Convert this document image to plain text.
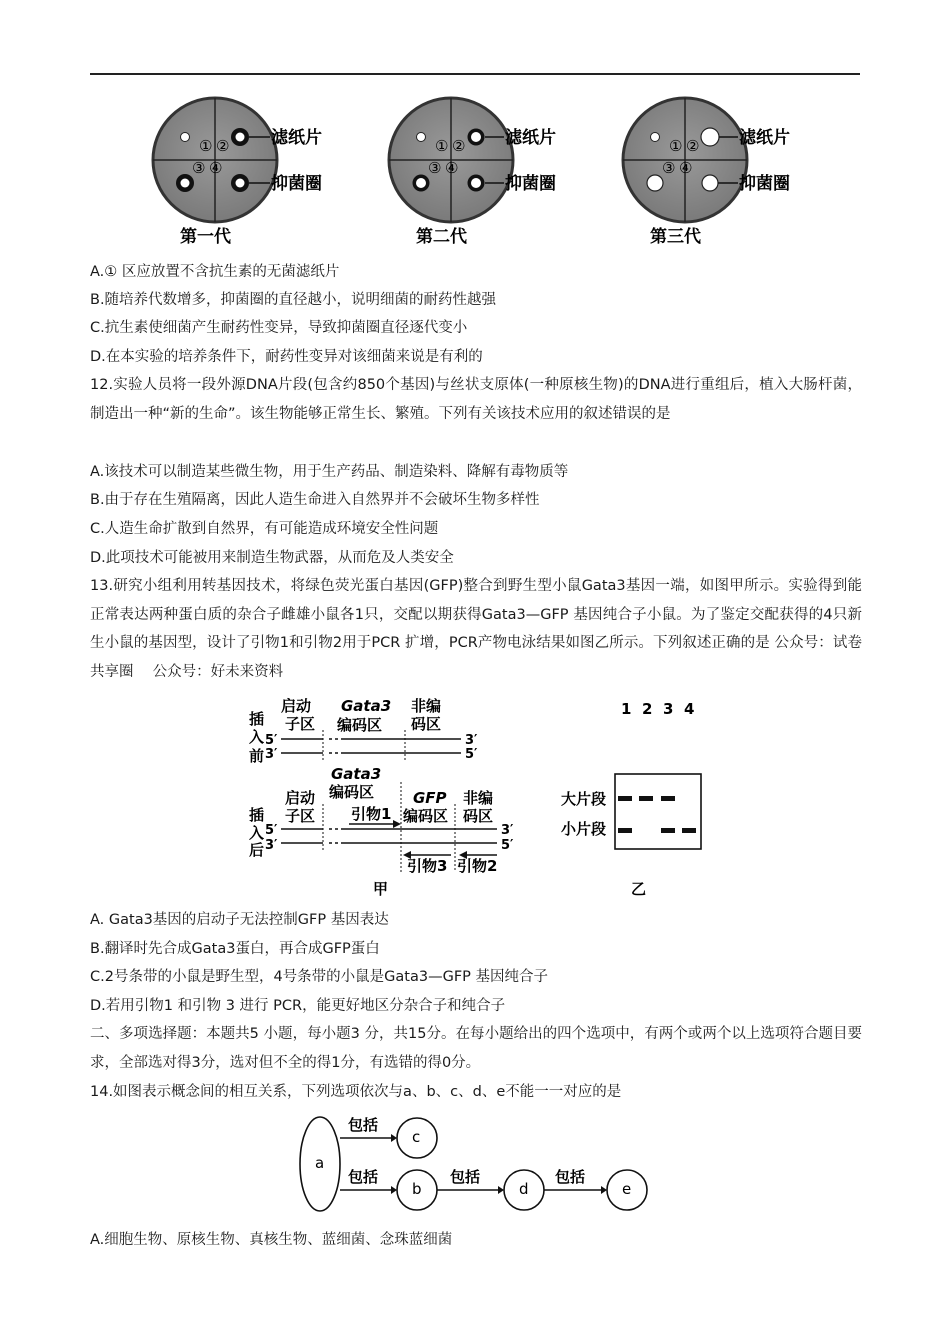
① ②
③ ④
滤纸片
抑菌圈
第一代
① ②
③ ④
滤纸片
抑菌圈
第二代
① ②
③ ④
滤纸片
抑菌圈
第三代
A.① 区应放置不含抗生素的无菌滤纸片
B.随培养代数增多，抑菌圈的直径越小，说明细菌的耐药性越强
C.抗生素使细菌产生耐药性变异，导致抑菌圈直径逐代变小
D.在本实验的培养条件下，耐药性变异对该细菌来说是有利的
12.实验人员将一段外源DNA片段(包含约850个基因)与丝状支原体(一种原核生物)的DNA进行重组后，植入大肠杆菌，制造出一种“新的生命”。该生物能够正常生长、繁殖。下列有关该技术应用的叙述错误的是
A.该技术可以制造某些微生物，用于生产药品、制造染料、降解有毒物质等
B.由于存在生殖隔离，因此人造生命进入自然界并不会破坏生物多样性
C.人造生命扩散到自然界，有可能造成环境安全性问题
D.此项技术可能被用来制造生物武器，从而危及人类安全
13.研究小组利用转基因技术，将绿色荧光蛋白基因(GFP)整合到野生型小鼠Gata3基因一端，如图甲所示。实验得到能正常表达两种蛋白质的杂合子雌雄小鼠各1只，交配以期获得Gata3—GFP 基因纯合子小鼠。为了鉴定交配获得的4只新生小鼠的基因型，设计了引物1和引物2用于PCR 扩增，PCR产物电泳结果如图乙所示。下列叙述正确的是 公众号：试卷共享圈　 公众号：好未来资料
插
入
前
启动
子区
Gata3
编码区
非编
码区
5′
3′
3′
5′
插
入
后
Gata3
编码区
启动
子区
GFP
编码区
非编
码区
引物1
5′
3′
3′
5′
引物3 引物2
甲
1 2 3 4
大片段
小片段
乙
A. Gata3基因的启动子无法控制GFP 基因表达
B.翻译时先合成Gata3蛋白，再合成GFP蛋白
C.2号条带的小鼠是野生型，4号条带的小鼠是Gata3—GFP 基因纯合子
D.若用引物1 和引物 3 进行 PCR，能更好地区分杂合子和纯合子
二、多项选择题：本题共5 小题，每小题3 分，共15分。在每小题给出的四个选项中，有两个或两个以上选项符合题目要求，全部选对得3分，选对但不全的得1分，有选错的得0分。
14.如图表示概念间的相互关系，下列选项依次与a、b、c、d、e不能一一对应的是
a
c
b	d	e
包括
包括	包括	包括
A.细胞生物、原核生物、真核生物、蓝细菌、念珠蓝细菌
